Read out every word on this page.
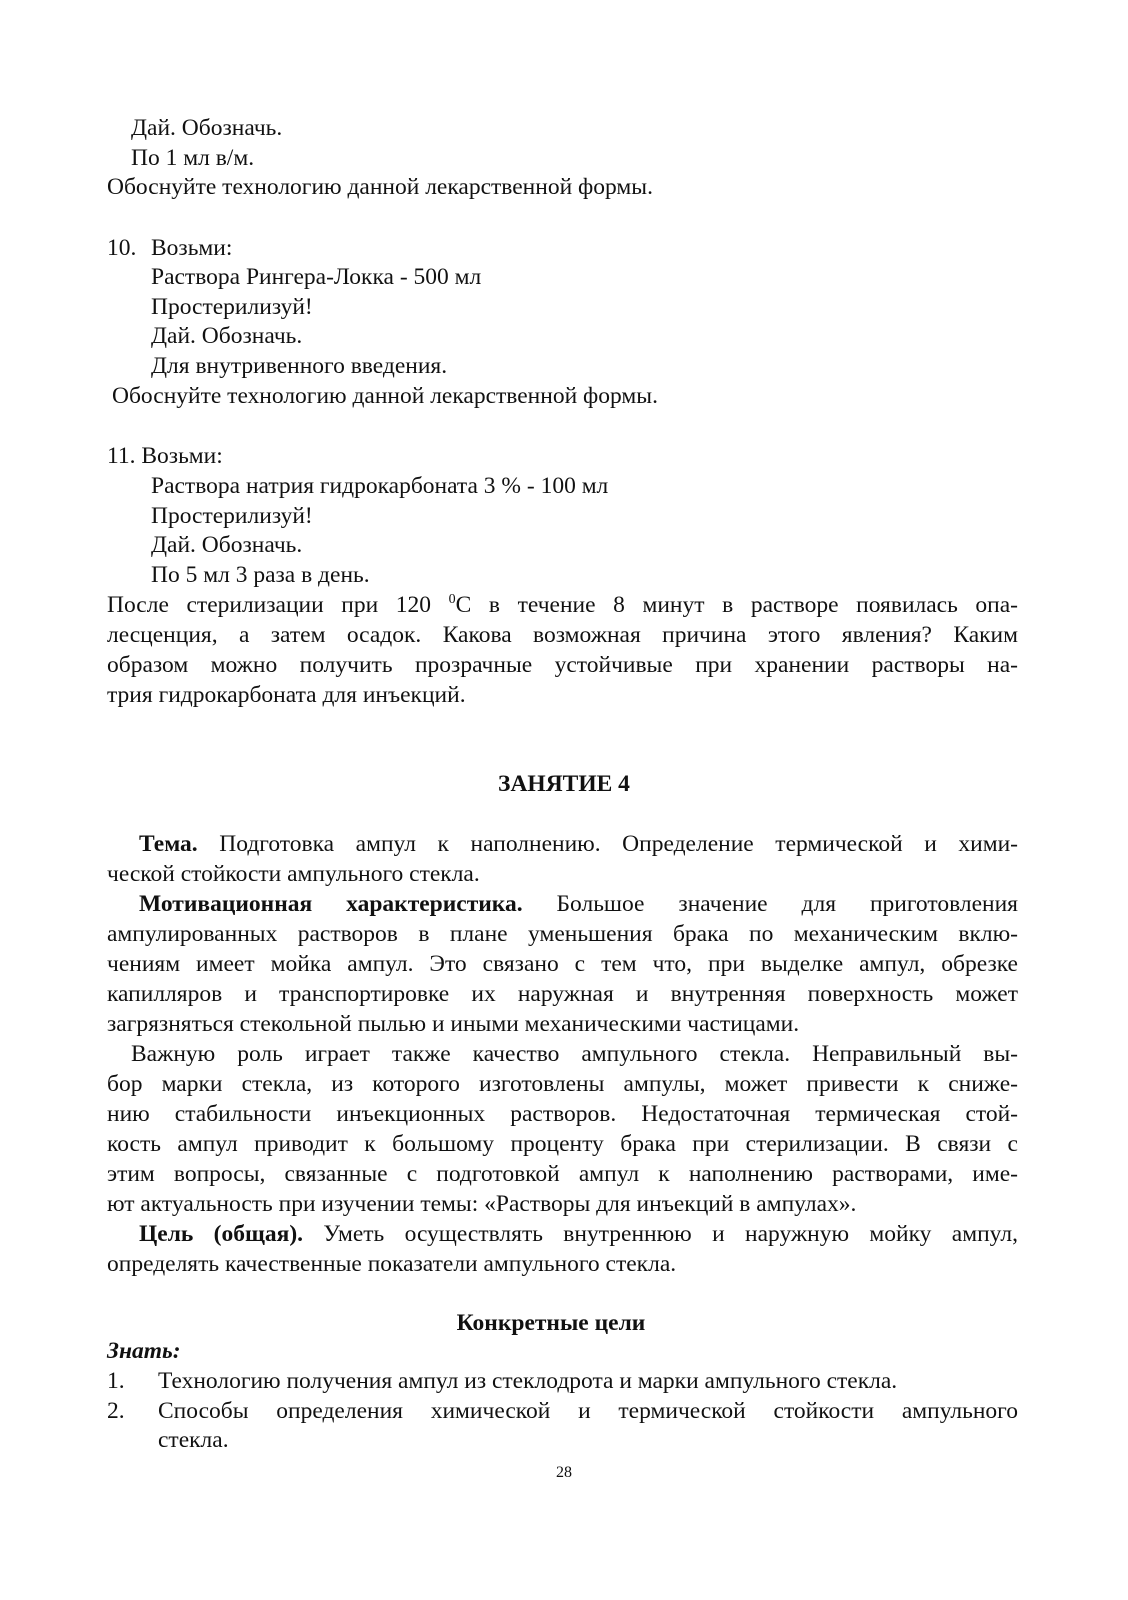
Дай. Обозначь.
По 1 мл в/м.
Обоснуйте технологию данной лекарственной формы.
10. Возьми:
Раствора Рингера-Локка - 500 мл
Простерилизуй!
Дай. Обозначь.
Для внутривенного введения.
Обоснуйте технологию данной лекарственной формы.
11. Возьми:
Раствора натрия гидрокарбоната 3 % - 100 мл
Простерилизуй!
Дай. Обозначь.
По 5 мл 3 раза в день.
После стерилизации при 120 $^0$С в течение 8 минут в растворе появилась опа-
лесценция, а затем осадок. Какова возможная причина этого явления? Каким
образом можно получить прозрачные устойчивые при хранении растворы на-
трия гидрокарбоната для инъекций.
ЗАНЯТИЕ 4
Тема. Подготовка ампул к наполнению. Определение термической и хими-
ческой стойкости ампульного стекла.
Мотивационная характеристика. Большое значение для приготовления
ампулированных растворов в плане уменьшения брака по механическим вклю-
чениям имеет мойка ампул. Это связано с тем что, при выделке ампул, обрезке
капилляров и транспортировке их наружная и внутренняя поверхность может
загрязняться стекольной пылью и иными механическими частицами.
Важную роль играет также качество ампульного стекла. Неправильный вы-
бор марки стекла, из которого изготовлены ампулы, может привести к сниже-
нию стабильности инъекционных растворов. Недостаточная термическая стой-
кость ампул приводит к большому проценту брака при стерилизации. В связи с
этим вопросы, связанные с подготовкой ампул к наполнению растворами, име-
ют актуальность при изучении темы: «Растворы для инъекций в ампулах».
Цель (общая). Уметь осуществлять внутреннюю и наружную мойку ампул,
определять качественные показатели ампульного стекла.
Конкретные цели
Знать:
1. Технологию получения ампул из стеклодрота и марки ампульного стекла.
2. Способы определения химической и термической стойкости ампульного
стекла.
28
